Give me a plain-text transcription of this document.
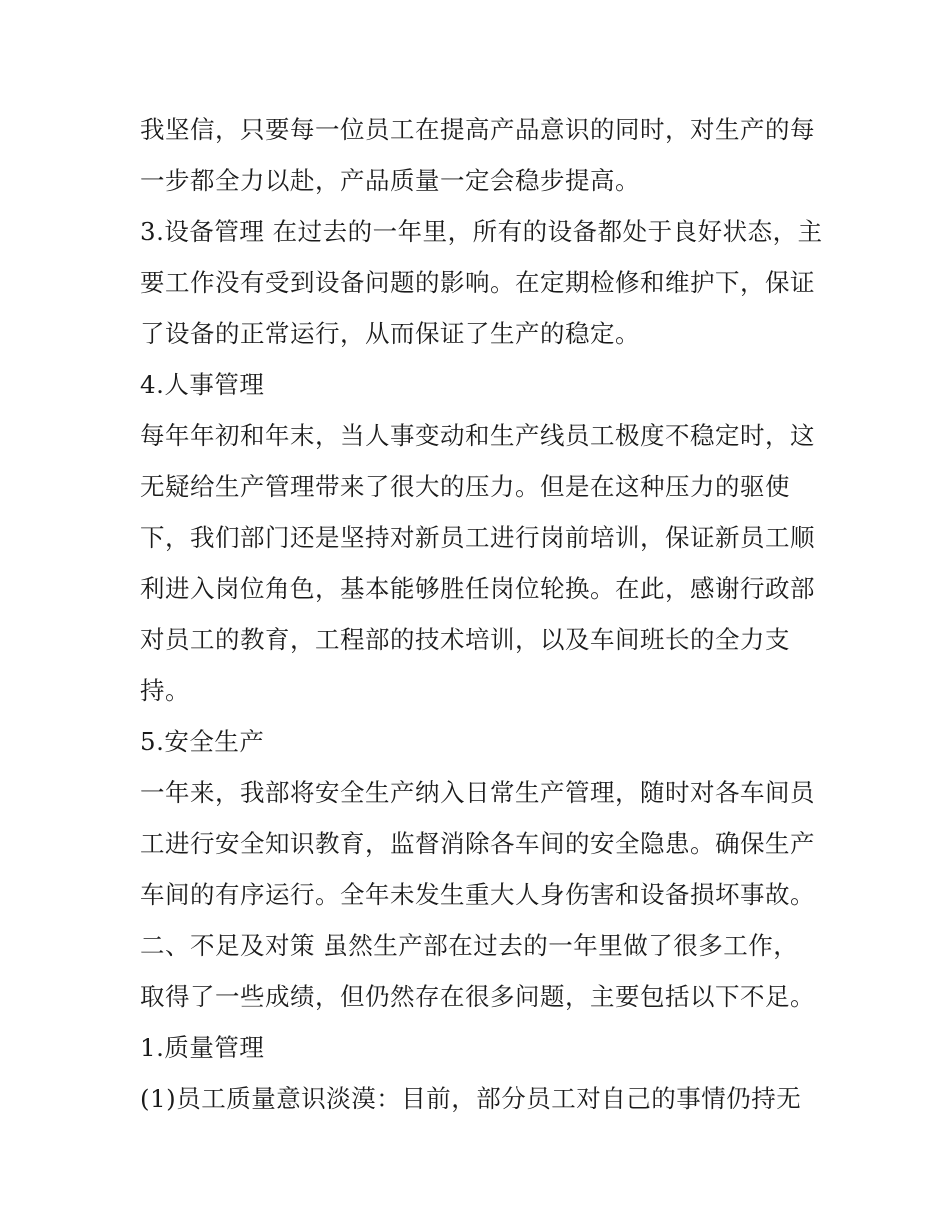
我坚信，只要每一位员工在提高产品意识的同时，对生产的每
一步都全力以赴，产品质量一定会稳步提高。
3.设备管理 在过去的一年里，所有的设备都处于良好状态，主
要工作没有受到设备问题的影响。在定期检修和维护下，保证
了设备的正常运行，从而保证了生产的稳定。
4.人事管理
每年年初和年末，当人事变动和生产线员工极度不稳定时，这
无疑给生产管理带来了很大的压力。但是在这种压力的驱使
下，我们部门还是坚持对新员工进行岗前培训，保证新员工顺
利进入岗位角色，基本能够胜任岗位轮换。在此，感谢行政部
对员工的教育，工程部的技术培训，以及车间班长的全力支
持。
5.安全生产
一年来，我部将安全生产纳入日常生产管理，随时对各车间员
工进行安全知识教育，监督消除各车间的安全隐患。确保生产
车间的有序运行。全年未发生重大人身伤害和设备损坏事故。
二、不足及对策 虽然生产部在过去的一年里做了很多工作，
取得了一些成绩，但仍然存在很多问题，主要包括以下不足。
1.质量管理
(1)员工质量意识淡漠：目前，部分员工对自己的事情仍持无
